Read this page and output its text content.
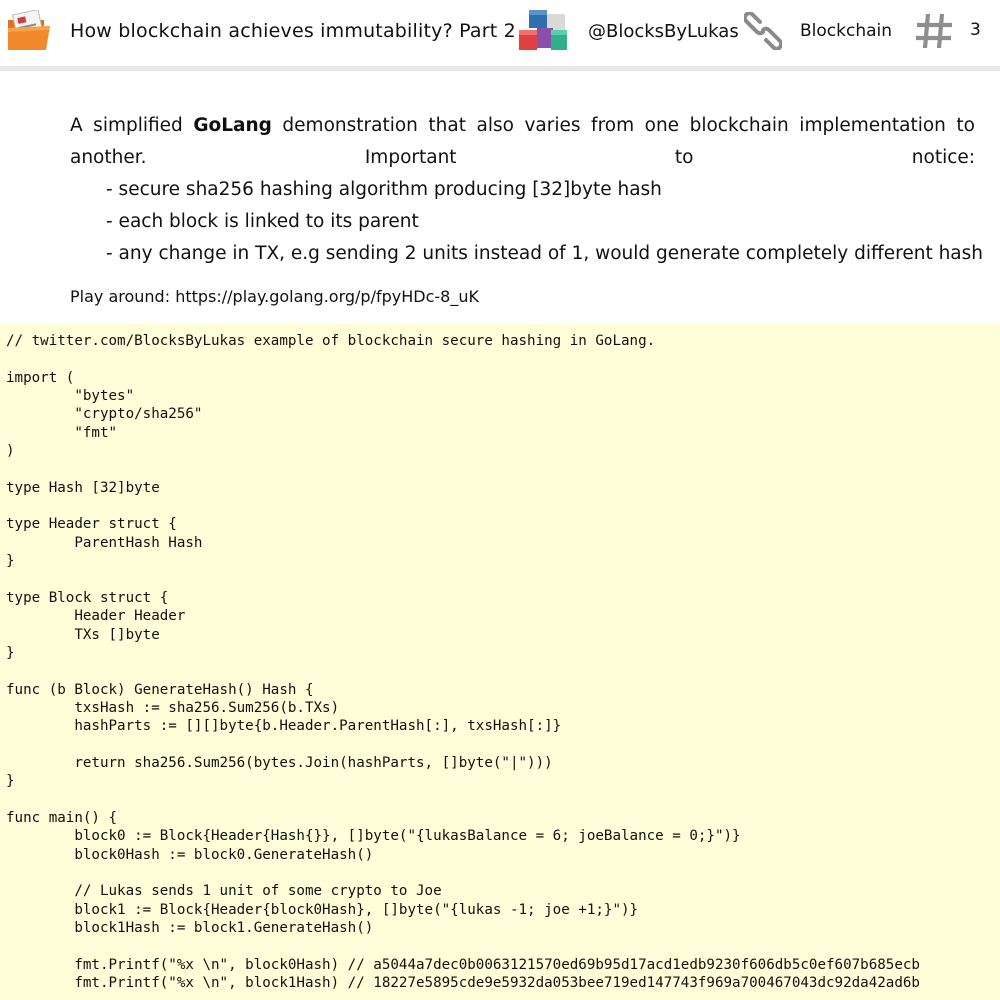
How blockchain achieves immutability? Part 2	@BlocksByLukas	Blockchain	3

A simplified GoLang demonstration that also varies from one blockchain implementation to another. Important to notice:

- secure sha256 hashing algorithm producing [32]byte hash
- each block is linked to its parent
- any change in TX, e.g sending 2 units instead of 1, would generate completely different hash
Play around: https://play.golang.org/p/fpyHDc-8_uK
// twitter.com/BlocksByLukas example of blockchain secure hashing in GoLang.

import (
"bytes"
"crypto/sha256"
"fmt"
)

type Hash [32]byte

type Header struct {
ParentHash Hash
}

type Block struct {
Header Header
TXs []byte
}

func (b Block) GenerateHash() Hash {
txsHash := sha256.Sum256(b.TXs)
hashParts := [][]byte{b.Header.ParentHash[:], txsHash[:]}

return sha256.Sum256(bytes.Join(hashParts, []byte("|")))
}

func main() {
block0 := Block{Header{Hash{}}, []byte("{lukasBalance = 6; joeBalance = 0;}")}
block0Hash := block0.GenerateHash()

// Lukas sends 1 unit of some crypto to Joe
block1 := Block{Header{block0Hash}, []byte("{lukas -1; joe +1;}")}
block1Hash := block1.GenerateHash()

fmt.Printf("%x \n", block0Hash) // a5044a7dec0b0063121570ed69b95d17acd1edb9230f606db5c0ef607b685ecb
fmt.Printf("%x \n", block1Hash) // 18227e5895cde9e5932da053bee719ed147743f969a700467043dc92da42ad6b
